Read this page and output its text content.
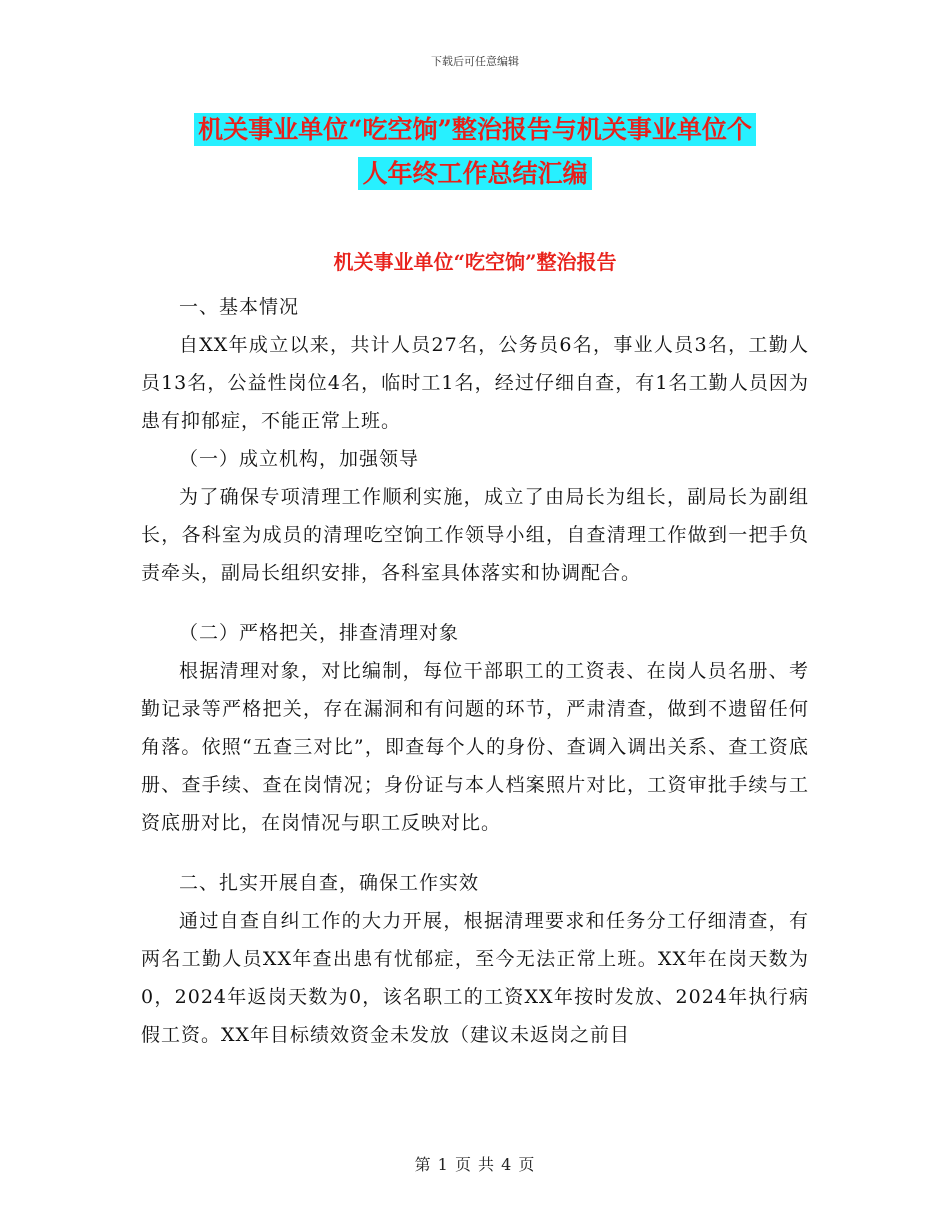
下载后可任意编辑
机关事业单位“吃空饷”整治报告与机关事业单位个
人年终工作总结汇编
机关事业单位“吃空饷”整治报告

一、基本情况

自XX年成立以来，共计人员27名，公务员6名，事业人员3名，工勤人员13名，公益性岗位4名，临时工1名，经过仔细自查，有1名工勤人员因为患有抑郁症，不能正常上班。

（一）成立机构，加强领导

为了确保专项清理工作顺利实施，成立了由局长为组长，副局长为副组长，各科室为成员的清理吃空饷工作领导小组，自查清理工作做到一把手负责牵头，副局长组织安排，各科室具体落实和协调配合。

（二）严格把关，排查清理对象

根据清理对象，对比编制，每位干部职工的工资表、在岗人员名册、考勤记录等严格把关，存在漏洞和有问题的环节，严肃清查，做到不遗留任何角落。依照“五查三对比”，即查每个人的身份、查调入调出关系、查工资底册、查手续、查在岗情况；身份证与本人档案照片对比，工资审批手续与工资底册对比，在岗情况与职工反映对比。

二、扎实开展自查，确保工作实效

通过自查自纠工作的大力开展，根据清理要求和任务分工仔细清查，有两名工勤人员XX年查出患有忧郁症，至今无法正常上班。XX年在岗天数为0，2024年返岗天数为0，该名职工的工资XX年按时发放、2024年执行病假工资。XX年目标绩效资金未发放（建议未返岗之前目

第 1 页 共 4 页
